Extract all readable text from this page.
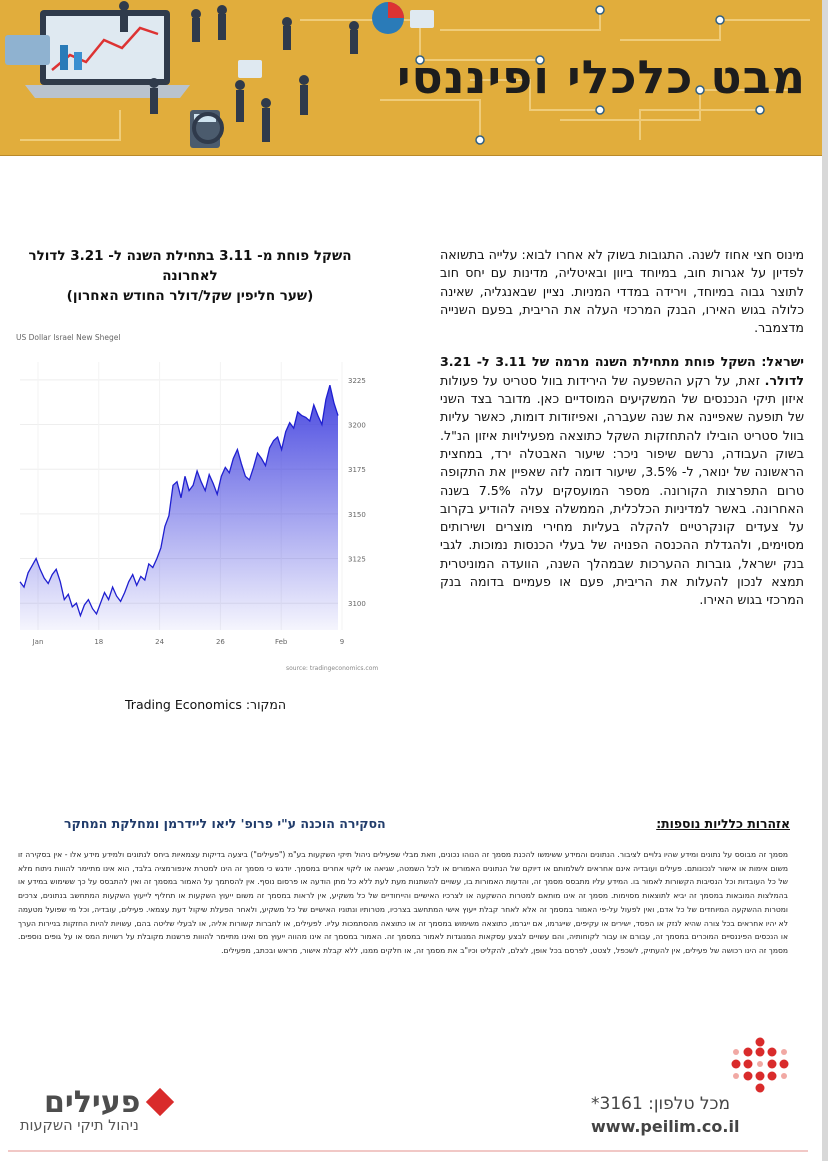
מבט כלכלי ופיננסי
השקל פוחת מ- 3.11 בתחילת השנה ל- 3.21 לדולר
לאחרונה
(שער חליפין שקל/דולר החודש האחרון)
US Dollar Israel New Shegel
3225
3200
3175
3150
3125
3100
Jan	18	24	26	Feb	9
source: tradingeconomics.com
המקור: Trading Economics

מינוס חצי אחוז לשנה. התגובות בשוק לא אחרו לבוא: עלייה בתשואה לפדיון על אגרות חוב, במיוחד ביוון ובאיטליה, מדינות עם יחס חוב לתוצר גבוה במיוחד, וירידה במדדי המניות. נציין שבאנגליה, שאינה כלולה בגוש האירו, הבנק המרכזי העלה את הריבית, בפעם השנייה מדצמבר.

ישראל: השקל פוחת מתחילת השנה מרמה של 3.11 ל- 3.21 לדולר. זאת, על רקע ההשפעה של הירידות בוול סטריט על פעולות איזון תיקי הנכנסים של המשקיעים המוסדיים כאן. מדובר בצד השני של תופעה שאפיינה את שנה שעברה, ואפיזודות דומות, כאשר עליות בוול סטריט הובילו להתחזקות השקל כתוצאה מפעילויות איזון הנ"ל. בשוק העבודה, נרשם שיפור ניכר: שיעור האבטלה ירד, במחצית הראשונה של ינואר, ל- 3.5%, שיעור דומה לזה שאפיין את התקופה טרום התפרצות הקורונה. מספר המועסקים עלה 7.5% בשנה האחרונה. באשר למדיניות הכלכלית, הממשלה צפויה להודיע בקרוב על צעדים קונקרטיים להקלה בעליות מחירי מוצרים ושירותים מסוימים, ולהגדלת ההכנסה הפנויה של בעלי הכנסות נמוכות. לגבי בנק ישראל, גוברות ההערכות שבמהלך השנה, הוועדה המוניטרית תמצא לנכון להעלות את הריבית, פעם או פעמיים בדומה בנק המרכזי בגוש האירו.

אזהרות כלליות נוספות:
הסקירה הוכנה ע"י פרופ' ליאו ליידרמן ומחלקת המחקר
מסמך זה מבוסס על נתונים ומידע שהיו גלויים לציבור. הנתונים והמידע ששימשו להכנת מסמך זה הנוהו נכונים, וזאת מבלי שפעילים ניהול תיקי השקעות בע"מ ("פעילים") ביצעה בדיקות עצמאיות ביחס לנתונים ולמידע מידע אלו - אין בסקירה זו משום אימות או אישור לנכונותם. פעילים ועובדיה אינם אחראים לשלמותם או דיוקם של הנתונים האמורים או לכל השמטה, שגיאה או ליקוי אחרים במסמך. יודגש כי מסמך זה הינו למטרת אינפורמציה בלבד, הוא אינו מתיימר להווות ניתוח מלא של כל העובדות וכל הנסיבות הקשורות לאמור בו. המידע עליו מתבסס מסמך זה, והדעות האמורות בו, עשויים להשתנות מעת לעת ללא כל מתן הודעה או פרסום נוסף. אין להסתמך על האמור במסמך זה ואין להתבסס על כך ששימוש במידע או בהמלצות המובאות במסמך זה יביא לתוצאות מסוימות. מסמך זה אינו מותאם למטרות ההשקעה או לצרכיו האישיים והייחודיים של כל משקיע, אין לראות במסמך זה משום ייעוץ השקעות או תחליף לייעוץ השקעות המתחשב בנתונים, צרכים ומטרות ההשקעה המיוחדים של כל אדם, ואין לפעול על-פי האמור במסמך זה אלא לאחר קבלת ייעוץ אישי המתחשב בצרכיו, מטרותיו ונתוניו האישיים של כל משקיע, ולאחר הפעלת שיקול דעת עצמאי. פעילים, עובדיה, וכל מי שפועל מטעמה לא יהיו אחראים בכל צורה שהיא לנזק או הפסד, ישירים או עקיפים, שייגרמו, אם ייגרמו, כתוצאה משימוש במסמך זה או כתוצאה מהסתמכות עליו. לפעילים, או לחברות קשורות אליה, או לבעלי שליטה בהם, עשויות להיות החזקות בניירות הערך או הנכסים הפיננסיים המוכרים במסמך זה, עבורם או עבור לקוחותיה, והם עשויים לבצע עסקאות המנוגדות לאמור במסמך זה. האמור במסמך זה אינו מהווה ייעוץ מס ואינו מתיימר להווות פרשנות מקובלת על רשויות המס או על גופים נוספים. מסמך זה הינו רכושה של פעילים, אין להעתיק, לשכפל, לצטט, לפרסם בכל אופן, לצלם, להקליט וכיו"ב את מסמך זה, או חלקים ממנו, ללא קבלת אישור, מראש ובכתב, מפעילים.
מכל טלפון: 3161*
www.peilim.co.il
פעילים
ניהול תיקי השקעות
